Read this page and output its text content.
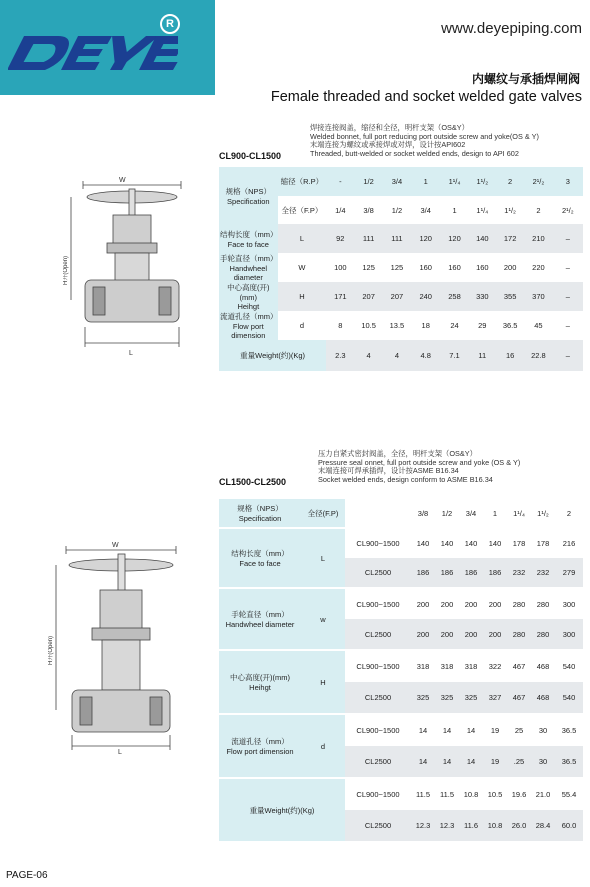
R	www.deyepiping.com
内螺纹与承插焊闸阀
Female threaded and socket welded gate valves
焊接连接阀盖，缩径和全径，明杆支架（OS&Y）
Welded bonnet, full port reducing port outside screw and yoke(OS & Y)
末端连接为螺纹或承接焊或对焊，设计按API602
Threaded, butt-welded or socket welded ends, design to API 602
CL900-CL1500
W
L
H开(Open)
规格（NPS）
Specification	缩径（R.P）	-	1/2	3/4	1	1¹/₄	1¹/₂	2	2¹/₂	3
	全径（F.P）	1/4	3/8	1/2	3/4	1	1¹/₄	1¹/₂	2	2¹/₂

结构长度（mm）
Face to face	L	92	111	111	120	120	140	172	210	–

手轮直径（mm）
Handwheel diameter	W	100	125	125	160	160	160	200	220	–

中心高度(开)(mm)
Heihgt	H	171	207	207	240	258	330	355	370	–

流道孔径（mm）
Flow port dimension	d	8	10.5	13.5	18	24	29	36.5	45	–
重量Weight(约)(Kg)		2.3	4	4	4.8	7.1	11	16	22.8	–
压力自紧式密封阀盖，全径，明杆支架（OS&Y）
Pressure seal onnet, full port outside screw and yoke (OS & Y)
末端连接可焊承插焊，设计按ASME B16.34
Socket welded ends, design conform to ASME B16.34
CL1500-CL2500
W
L
H开(Open)
规格（NPS）
Specification	全径(F.P)		3/8	1/2	3/4	1	1¹/₄	1¹/₂	2

结构长度（mm）
Face to face	L	CL900~1500	140	140	140	140	178	178	216
		CL2500	186	186	186	186	232	232	279

手轮直径（mm）
Handwheel diameter	w	CL900~1500	200	200	200	200	280	280	300
		CL2500	200	200	200	200	280	280	300

中心高度(开)(mm)
Heihgt	H	CL900~1500	318	318	318	322	467	468	540
		CL2500	325	325	325	327	467	468	540

流道孔径（mm）
Flow port dimension	d	CL900~1500	14	14	14	19	25	30	36.5
		CL2500	14	14	14	19	.25	30	36.5

重量Weight(约)(Kg)		CL900~1500	11.5	11.5	10.8	10.5	19.6	21.0	55.4
		CL2500	12.3	12.3	11.6	10.8	26.0	28.4	60.0
PAGE-06
